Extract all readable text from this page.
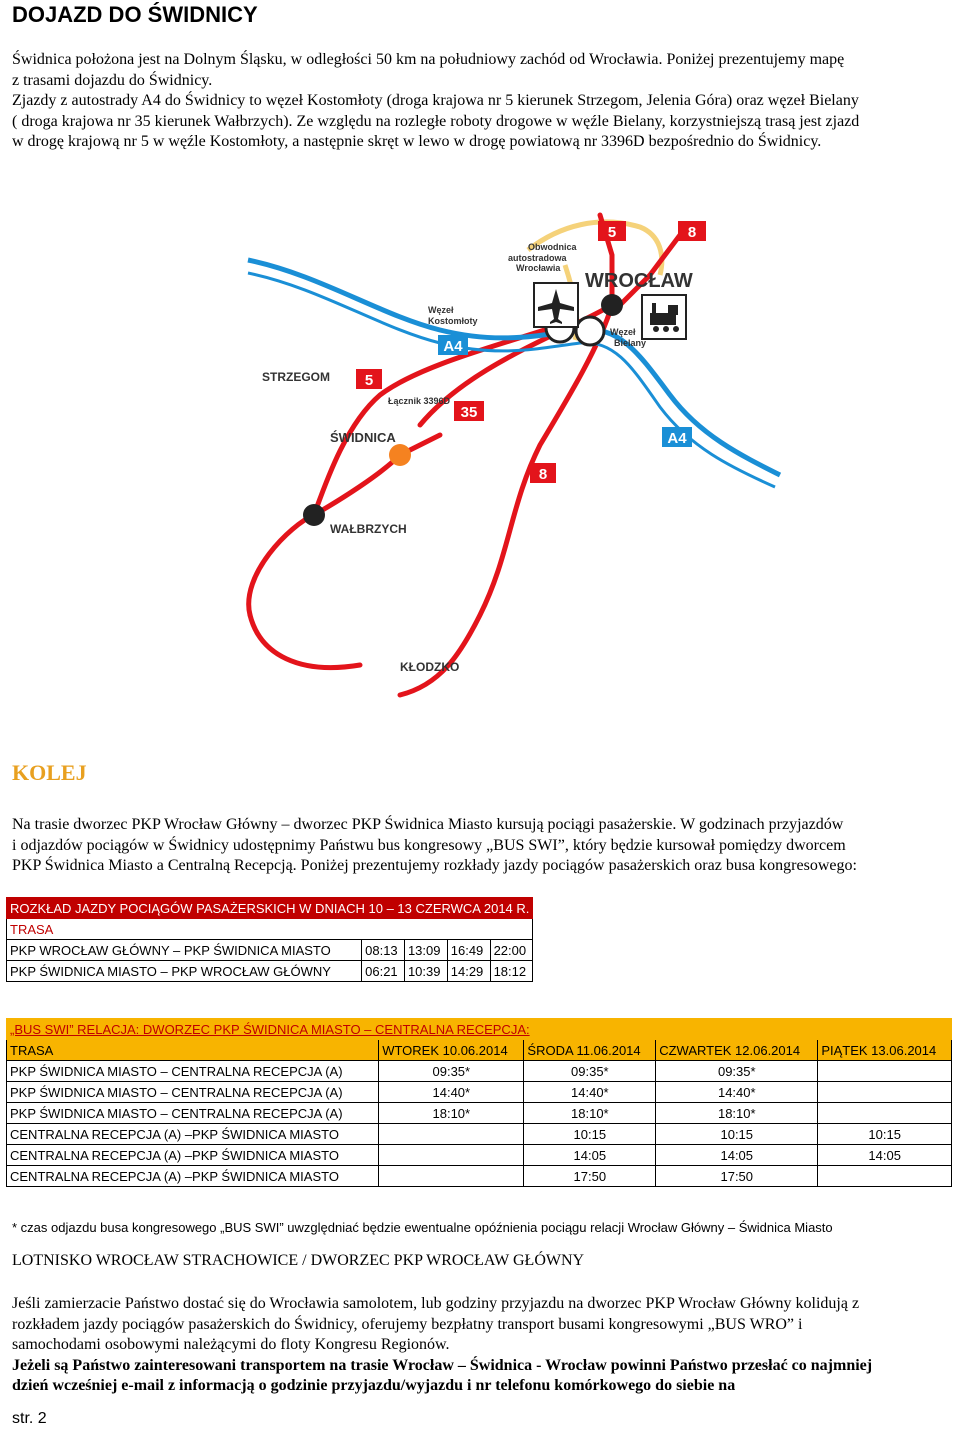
DOJAZD DO ŚWIDNICY

Świdnica położona jest na Dolnym Śląsku, w odległości 50 km na południowy zachód od Wrocławia. Poniżej prezentujemy mapę

z trasami dojazdu do Świdnicy.

Zjazdy z autostrady A4 do Świdnicy to węzeł Kostomłoty (droga krajowa nr 5 kierunek Strzegom, Jelenia Góra) oraz węzeł Bielany

( droga krajowa nr 35 kierunek Wałbrzych). Ze względu na rozległe roboty drogowe w węźle Bielany, korzystniejszą trasą jest zjazd

w drogę krajową nr 5 w węźle Kostomłoty, a następnie skręt w lewo w drogę powiatową nr 3396D bezpośrednio do Świdnicy.

5	8
A4
5
35
A4
8
Obwodnica
autostradowa
Wrocławia
WROCŁAW
Węzeł
Kostomłoty
Węzeł
Bielany
STRZEGOM
Łącznik 3396D
ŚWIDNICA
WAŁBRZYCH
KŁODZKO
KOLEJ

Na trasie dworzec PKP Wrocław Główny – dworzec PKP Świdnica Miasto kursują pociągi pasażerskie. W godzinach przyjazdów

i odjazdów pociągów w Świdnicy udostępnimy Państwu bus kongresowy „BUS SWI”, który będzie kursował pomiędzy dworcem

PKP Świdnica Miasto a Centralną Recepcją. Poniżej prezentujemy rozkłady jazdy pociągów pasażerskich oraz busa kongresowego:

ROZKŁAD JAZDY POCIĄGÓW PASAŻERSKICH W DNIACH 10 – 13 CZERWCA 2014 R.				
TRASA				
PKP WROCŁAW GŁÓWNY – PKP ŚWIDNICA MIASTO	08:13	13:09	16:49	22:00
PKP ŚWIDNICA MIASTO – PKP WROCŁAW GŁÓWNY	06:21	10:39	14:29	18:12
„BUS SWI” RELACJA: DWORZEC PKP ŚWIDNICA MIASTO – CENTRALNA RECEPCJA:				
TRASA	WTOREK 10.06.2014	ŚRODA 11.06.2014	CZWARTEK 12.06.2014	PIĄTEK 13.06.2014
PKP ŚWIDNICA MIASTO – CENTRALNA RECEPCJA (A)	09:35*	09:35*	09:35*	
PKP ŚWIDNICA MIASTO – CENTRALNA RECEPCJA (A)	14:40*	14:40*	14:40*	
PKP ŚWIDNICA MIASTO – CENTRALNA RECEPCJA (A)	18:10*	18:10*	18:10*	
CENTRALNA RECEPCJA (A) –PKP ŚWIDNICA MIASTO		10:15	10:15	10:15
CENTRALNA RECEPCJA (A) –PKP ŚWIDNICA MIASTO		14:05	14:05	14:05
CENTRALNA RECEPCJA (A) –PKP ŚWIDNICA MIASTO		17:50	17:50	
* czas odjazdu busa kongresowego „BUS SWI” uwzględniać będzie ewentualne opóźnienia pociągu relacji Wrocław Główny – Świdnica Miasto
LOTNISKO WROCŁAW STRACHOWICE / DWORZEC PKP WROCŁAW GŁÓWNY
Jeśli zamierzacie Państwo dostać się do Wrocławia samolotem, lub godziny przyjazdu na dworzec PKP Wrocław Główny kolidują z
rozkładem jazdy pociągów pasażerskich do Świdnicy, oferujemy bezpłatny transport busami kongresowymi „BUS WRO” i
samochodami osobowymi należącymi do floty Kongresu Regionów.
Jeżeli są Państwo zainteresowani transportem na trasie Wrocław – Świdnica - Wrocław powinni Państwo przesłać co najmniej
dzień wcześniej e-mail z informacją o godzinie przyjazdu/wyjazdu i nr telefonu komórkowego do siebie na
str. 2
